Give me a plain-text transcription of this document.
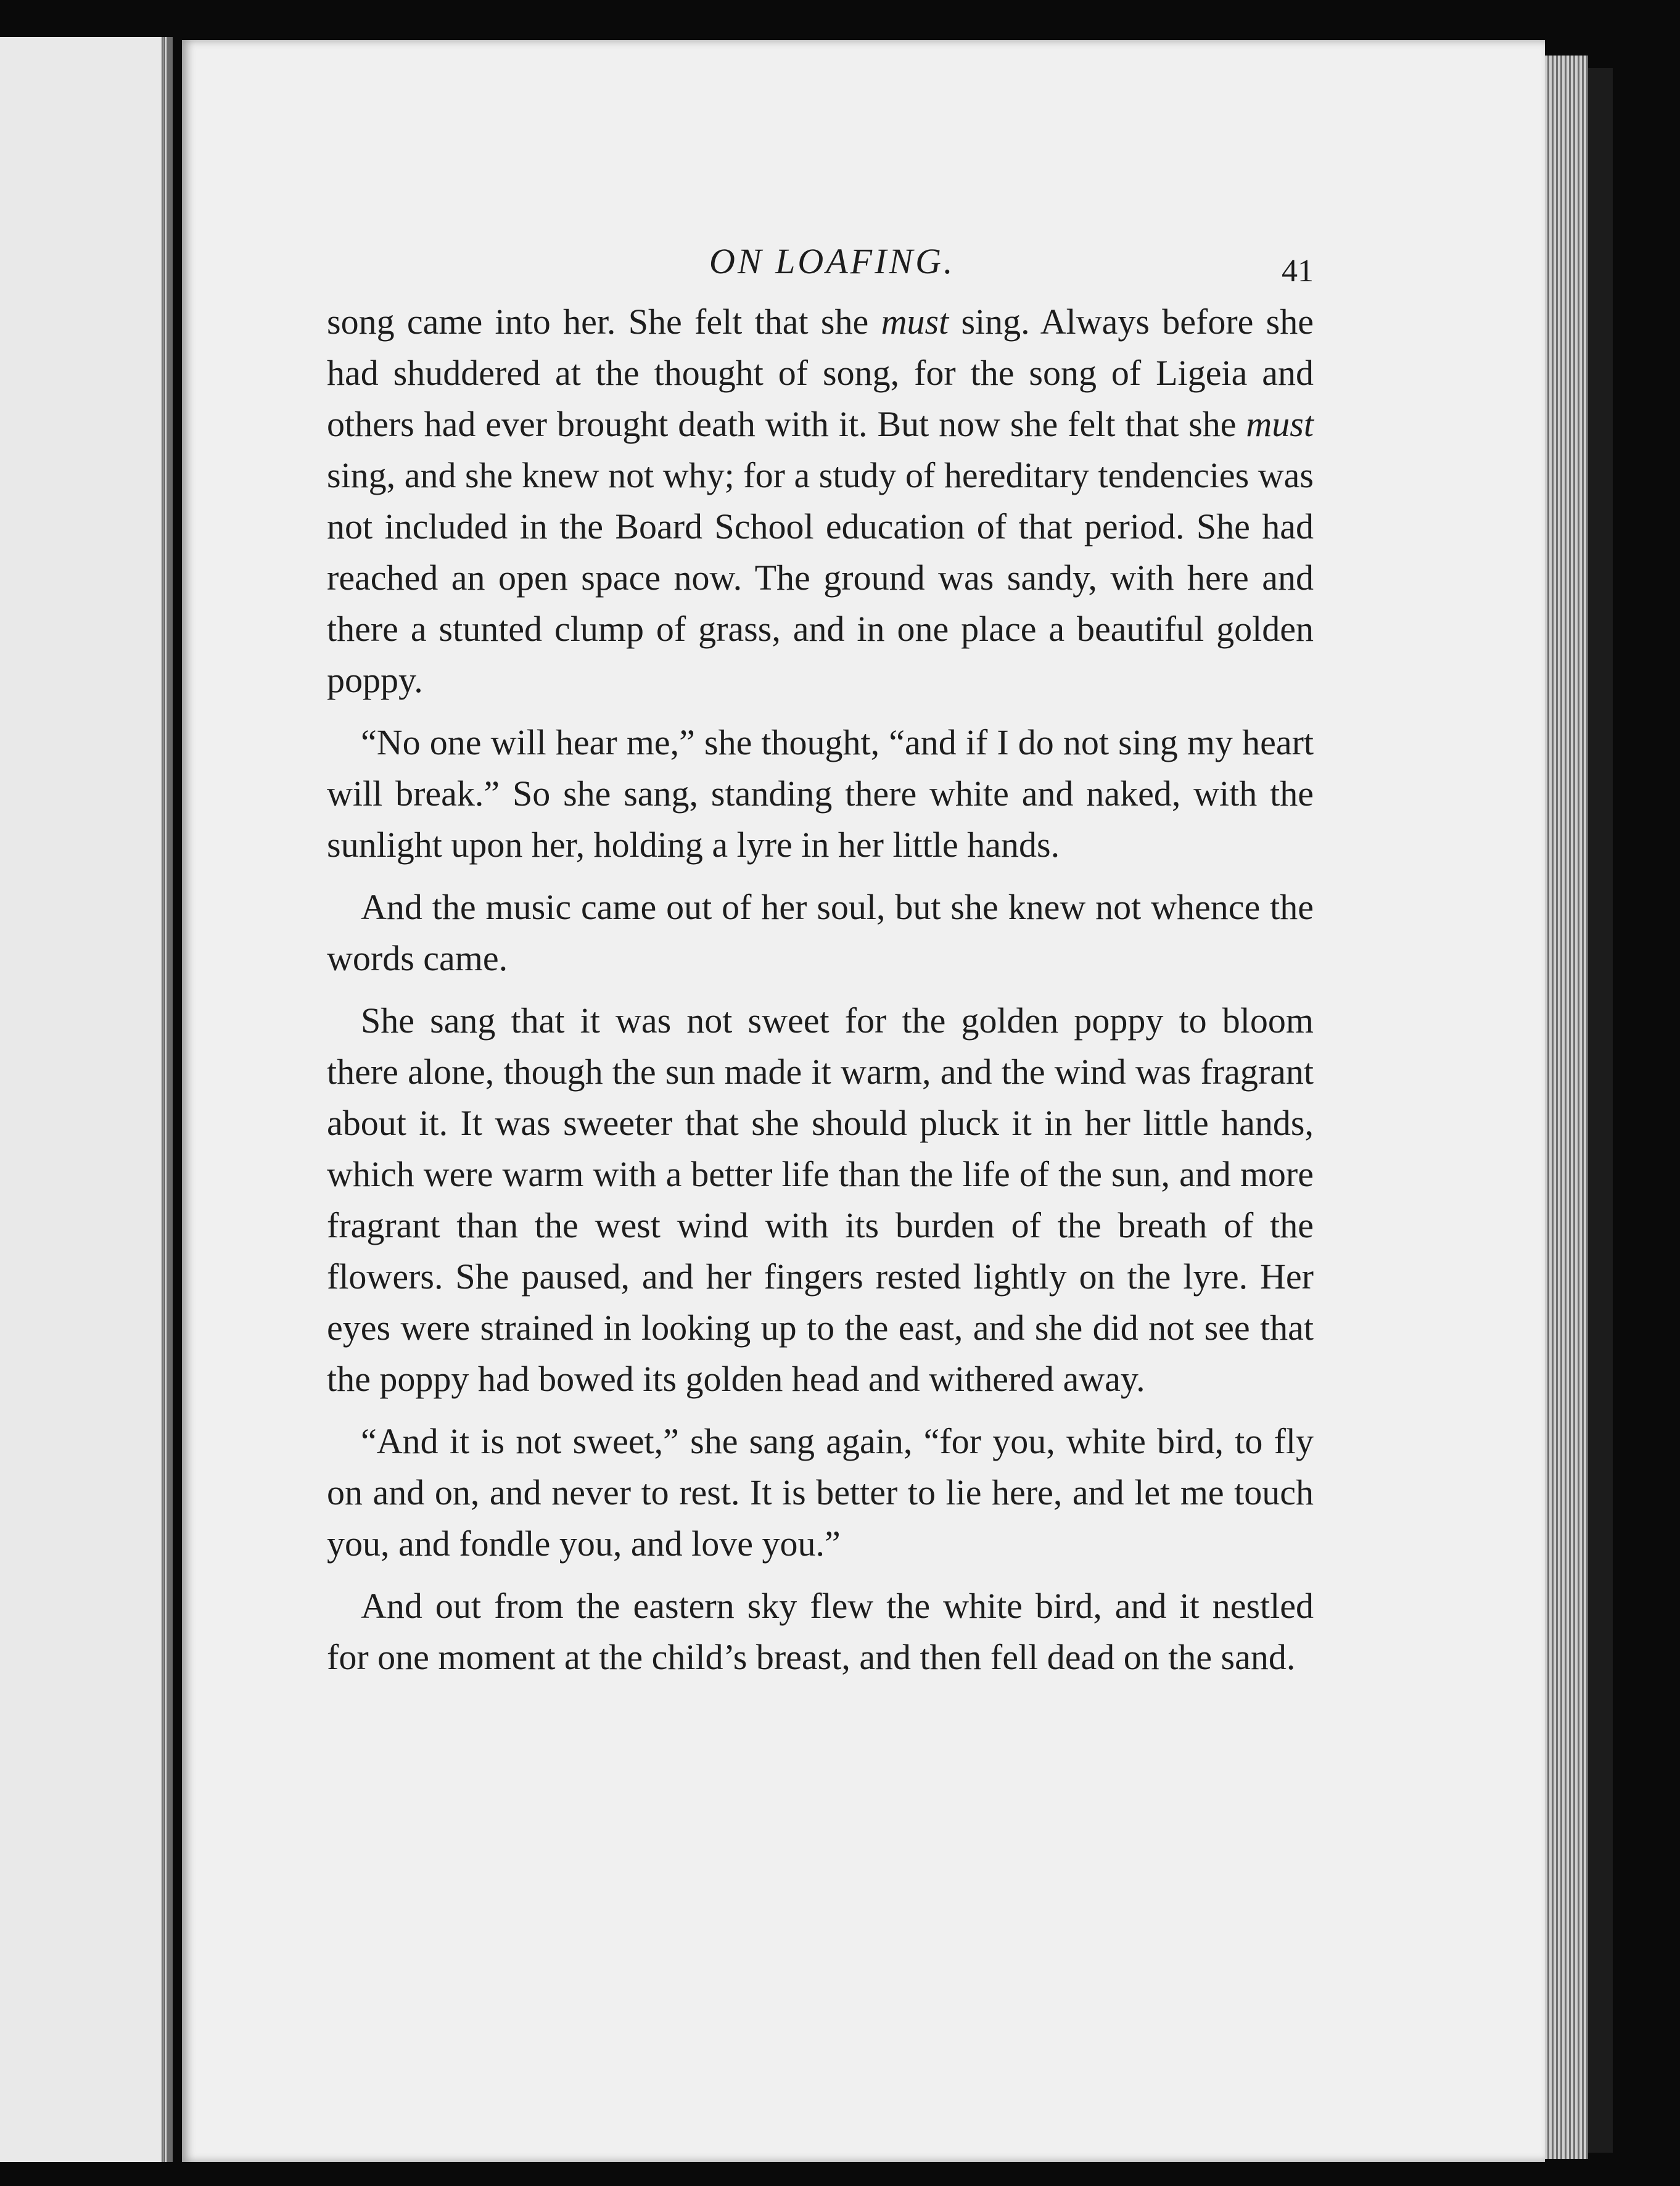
ON LOAFING.	41

song came into her. She felt that she must sing. Always before she had shuddered at the thought of song, for the song of Ligeia and others had ever brought death with it. But now she felt that she must sing, and she knew not why; for a study of hereditary tendencies was not included in the Board School education of that period. She had reached an open space now. The ground was sandy, with here and there a stunted clump of grass, and in one place a beautiful golden poppy.

“No one will hear me,” she thought, “and if I do not sing my heart will break.” So she sang, standing there white and naked, with the sunlight upon her, holding a lyre in her little hands.

And the music came out of her soul, but she knew not whence the words came.

She sang that it was not sweet for the golden poppy to bloom there alone, though the sun made it warm, and the wind was fragrant about it. It was sweeter that she should pluck it in her little hands, which were warm with a better life than the life of the sun, and more fragrant than the west wind with its burden of the breath of the flowers. She paused, and her fingers rested lightly on the lyre. Her eyes were strained in looking up to the east, and she did not see that the poppy had bowed its golden head and withered away.

“And it is not sweet,” she sang again, “for you, white bird, to fly on and on, and never to rest. It is better to lie here, and let me touch you, and fondle you, and love you.”

And out from the eastern sky flew the white bird, and it nestled for one moment at the child’s breast, and then fell dead on the sand.
